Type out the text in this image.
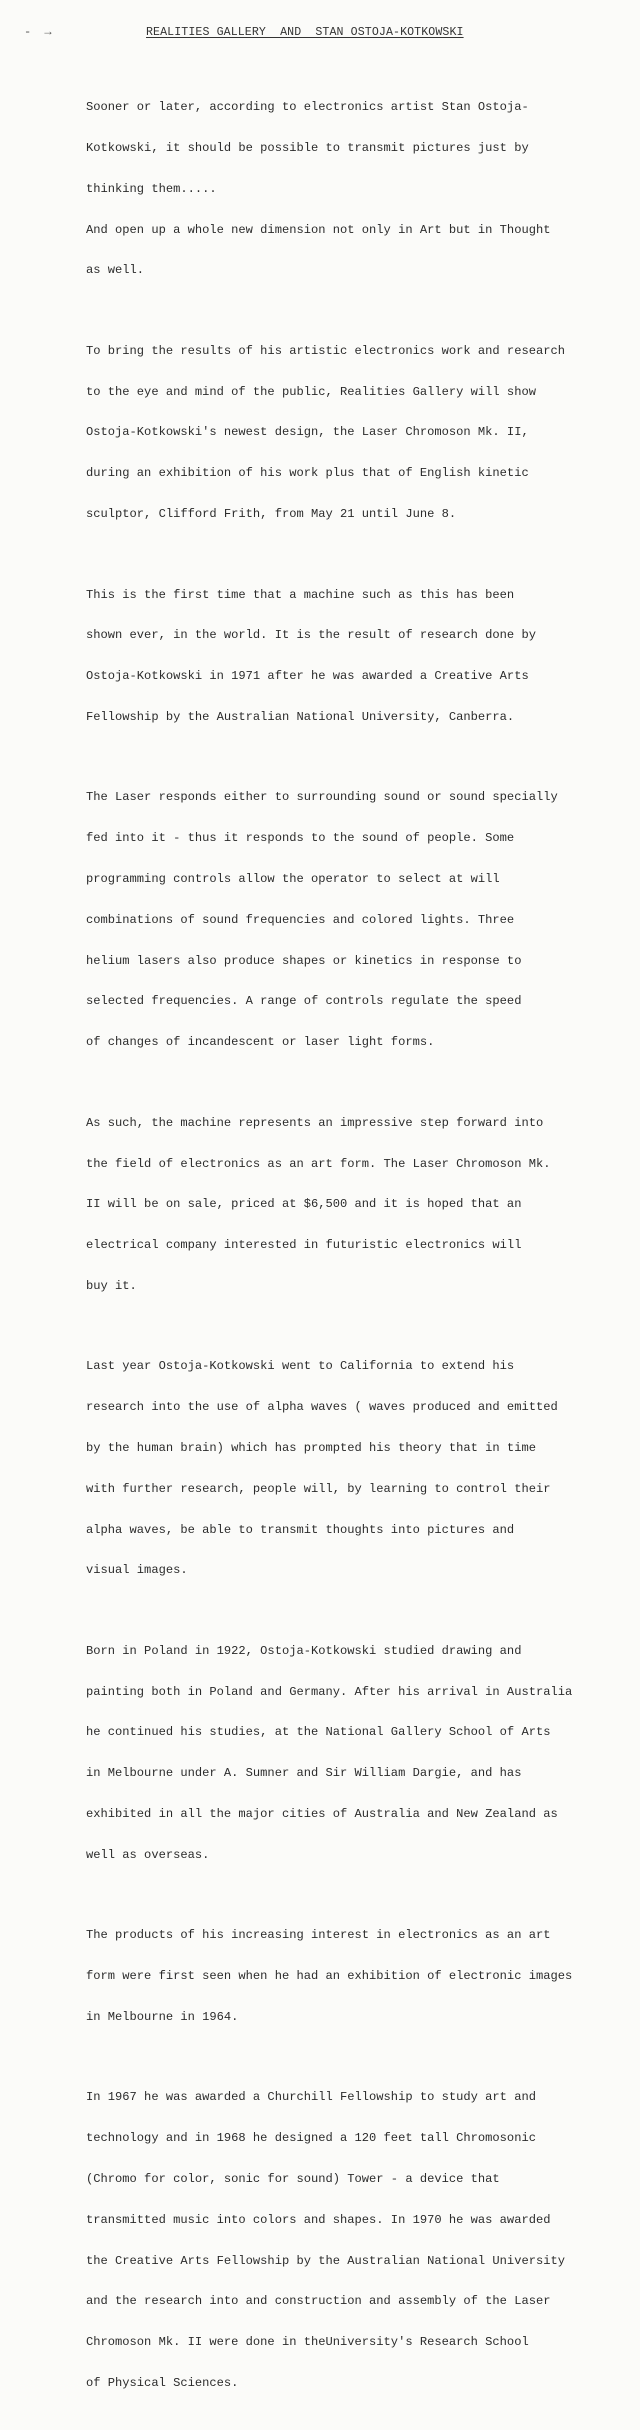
- →	REALITIES GALLERY  AND  STAN OSTOJA-KOTKOWSKI

Sooner or later, according to electronics artist Stan Ostoja-

Kotkowski, it should be possible to transmit pictures just by

thinking them.....

And open up a whole new dimension not only in Art but in Thought

as well.

To bring the results of his artistic electronics work and research

to the eye and mind of the public, Realities Gallery will show

Ostoja-Kotkowski's newest design, the Laser Chromoson Mk. II,

during an exhibition of his work plus that of English kinetic

sculptor, Clifford Frith, from May 21 until June 8.

This is the first time that a machine such as this has been

shown ever, in the world. It is the result of research done by

Ostoja-Kotkowski in 1971 after he was awarded a Creative Arts

Fellowship by the Australian National University, Canberra.

The Laser responds either to surrounding sound or sound specially

fed into it - thus it responds to the sound of people. Some

programming controls allow the operator to select at will

combinations of sound frequencies and colored lights. Three

helium lasers also produce shapes or kinetics in response to

selected frequencies. A range of controls regulate the speed

of changes of incandescent or laser light forms.

As such, the machine represents an impressive step forward into

the field of electronics as an art form. The Laser Chromoson Mk.

II will be on sale, priced at $6,500 and it is hoped that an

electrical company interested in futuristic electronics will

buy it.

Last year Ostoja-Kotkowski went to California to extend his

research into the use of alpha waves ( waves produced and emitted

by the human brain) which has prompted his theory that in time

with further research, people will, by learning to control their

alpha waves, be able to transmit thoughts into pictures and

visual images.

Born in Poland in 1922, Ostoja-Kotkowski studied drawing and

painting both in Poland and Germany. After his arrival in Australia

he continued his studies, at the National Gallery School of Arts

in Melbourne under A. Sumner and Sir William Dargie, and has

exhibited in all the major cities of Australia and New Zealand as

well as overseas.

The products of his increasing interest in electronics as an art

form were first seen when he had an exhibition of electronic images

in Melbourne in 1964.

In 1967 he was awarded a Churchill Fellowship to study art and

technology and in 1968 he designed a 120 feet tall Chromosonic

(Chromo for color, sonic for sound) Tower - a device that

transmitted music into colors and shapes. In 1970 he was awarded

the Creative Arts Fellowship by the Australian National University

and the research into and construction and assembly of the Laser

Chromoson Mk. II were done in theUniversity's Research School

of Physical Sciences.
